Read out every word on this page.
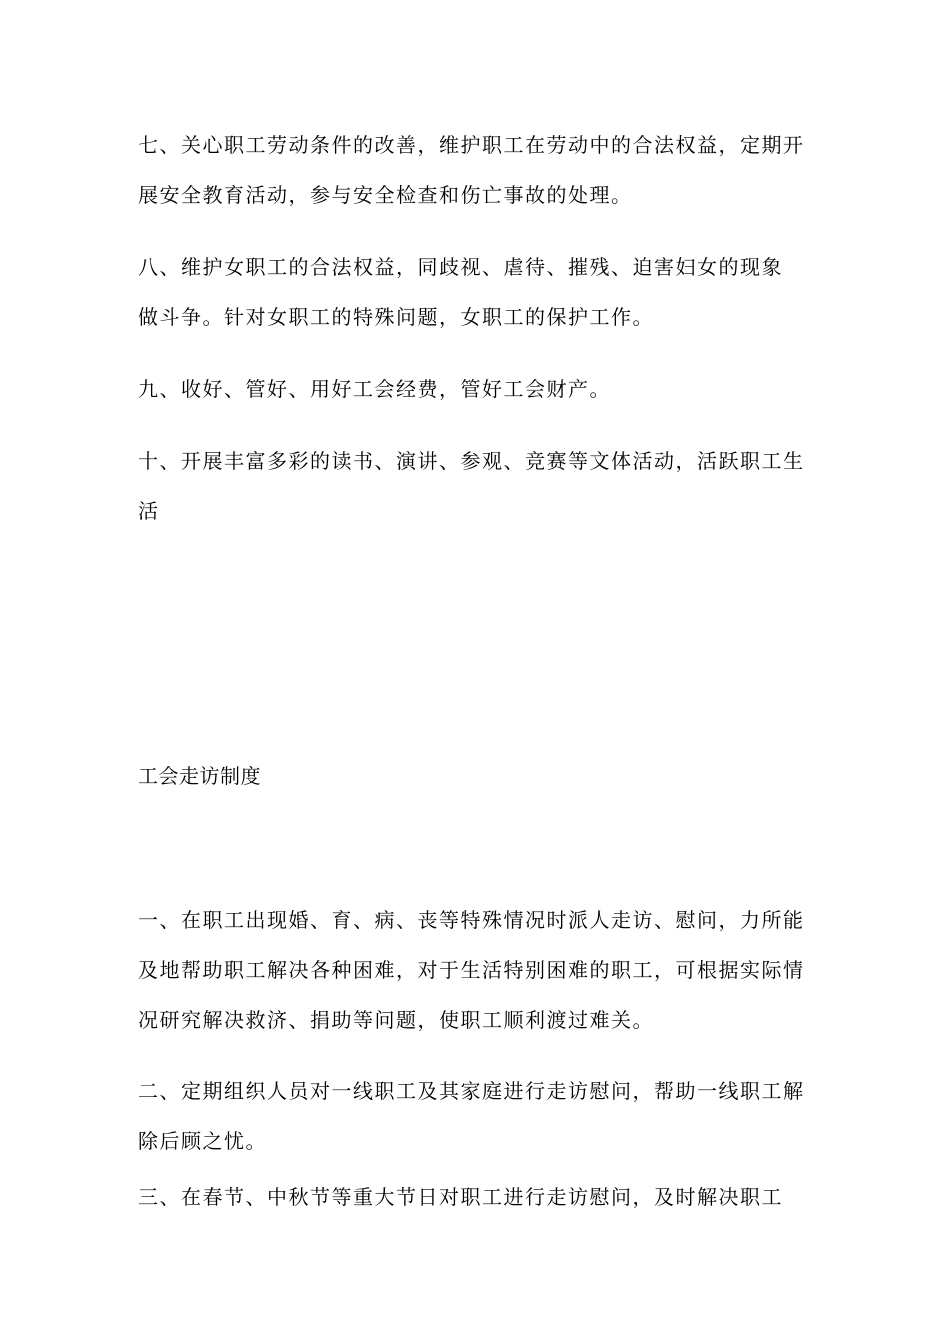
七、关心职工劳动条件的改善，维护职工在劳动中的合法权益，定期开
展安全教育活动，参与安全检查和伤亡事故的处理。
八、维护女职工的合法权益，同歧视、虐待、摧残、迫害妇女的现象
做斗争。针对女职工的特殊问题，女职工的保护工作。
九、收好、管好、用好工会经费，管好工会财产。
十、开展丰富多彩的读书、演讲、参观、竞赛等文体活动，活跃职工生
活
工会走访制度
一、在职工出现婚、育、病、丧等特殊情况时派人走访、慰问，力所能
及地帮助职工解决各种困难，对于生活特别困难的职工，可根据实际情
况研究解决救济、捐助等问题，使职工顺利渡过难关。
二、定期组织人员对一线职工及其家庭进行走访慰问，帮助一线职工解
除后顾之忧。
三、在春节、中秋节等重大节日对职工进行走访慰问，及时解决职工
